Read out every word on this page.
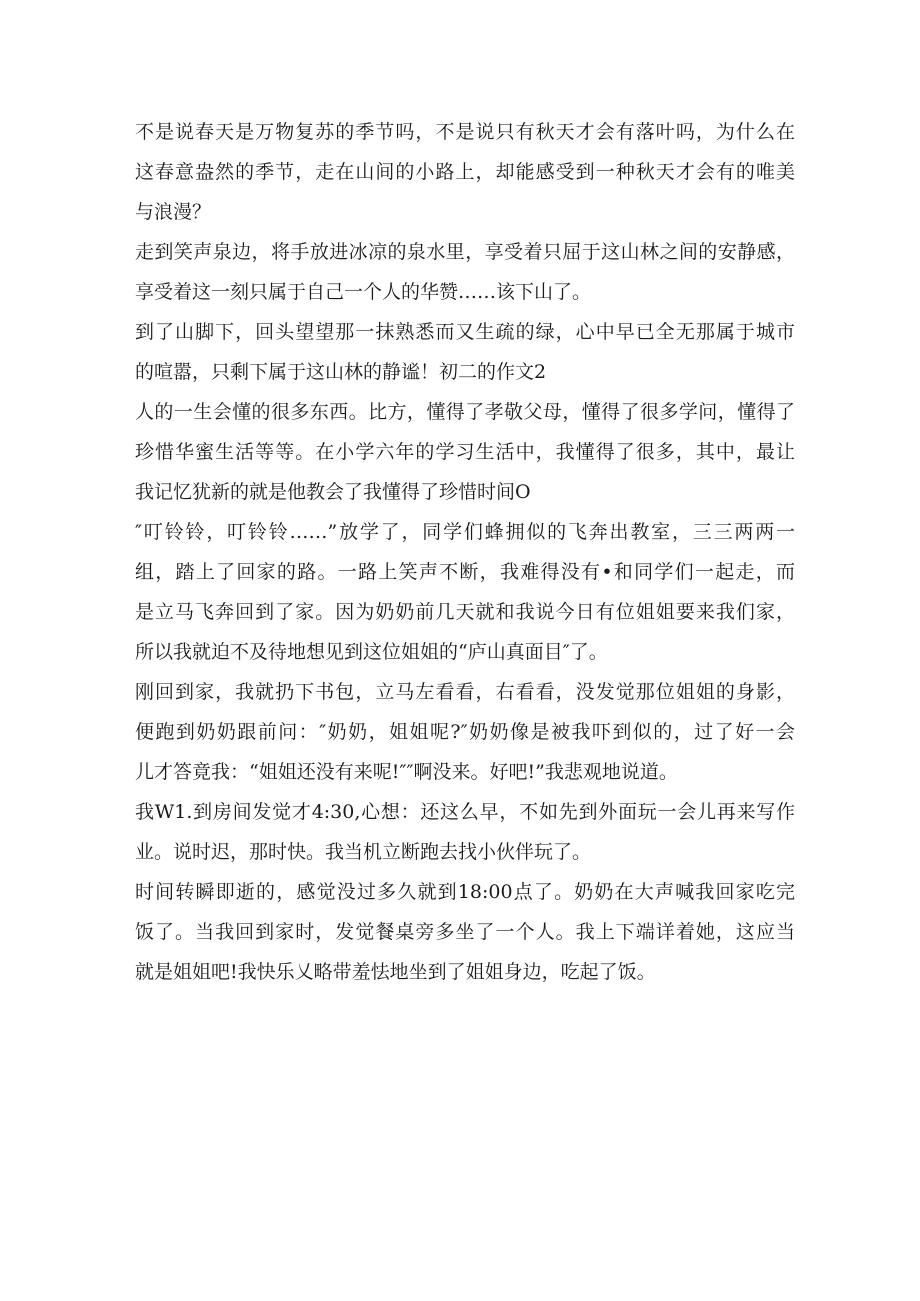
不是说春天是万物复苏的季节吗，不是说只有秋天才会有落叶吗，为什么在
这春意盎然的季节，走在山间的小路上，却能感受到一种秋天才会有的唯美
与浪漫？

走到笑声泉边，将手放进冰凉的泉水里，享受着只屈于这山林之间的安静感，
享受着这一刻只属于自己一个人的华赞……该下山了。

到了山脚下，回头望望那一抹熟悉而又生疏的绿，心中早已全无那属于城市
的喧嚣，只剩下属于这山林的静谧！初二的作文2

人的一生会懂的很多东西。比方，懂得了孝敬父母，懂得了很多学问，懂得了
珍惜华蜜生活等等。在小学六年的学习生活中，我懂得了很多，其中，最让
我记忆犹新的就是他教会了我懂得了珍惜时间O

″叮铃铃，叮铃铃……”放学了，同学们蜂拥似的飞奔出教室，三三两两一
组，踏上了回家的路。一路上笑声不断，我难得没有•和同学们一起走，而
是立马飞奔回到了家。因为奶奶前几天就和我说今日有位姐姐要来我们家，
所以我就迫不及待地想见到这位姐姐的“庐山真面目″了。

刚回到家，我就扔下书包，立马左看看，右看看，没发觉那位姐姐的身影，
便跑到奶奶跟前问：″奶奶，姐姐呢?″奶奶像是被我吓到似的，过了好一会
儿才答竟我：“姐姐还没有来呢!″″啊没来。好吧!”我悲观地说道。

我W1.到房间发觉才4:30,心想：还这么早，不如先到外面玩一会儿再来写作
业。说时迟，那时快。我当机立断跑去找小伙伴玩了。

时间转瞬即逝的，感觉没过多久就到18:00点了。奶奶在大声喊我回家吃完
饭了。当我回到家时，发觉餐桌旁多坐了一个人。我上下端详着她，这应当
就是姐姐吧!我快乐乂略带羞怯地坐到了姐姐身边，吃起了饭。
